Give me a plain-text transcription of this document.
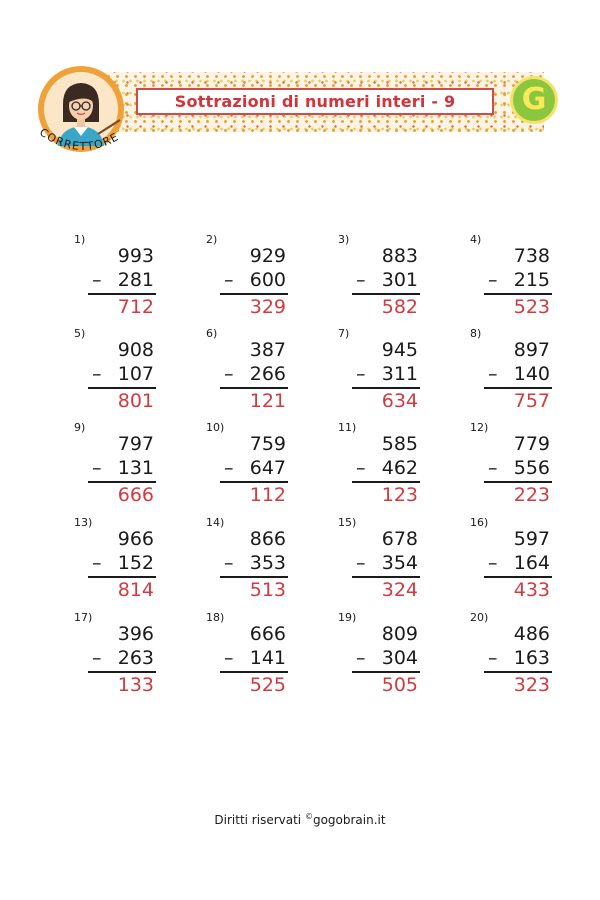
Sottrazioni di numeri interi - 9 G
CORRETTORE
1)
993
– 281
712
2)
929
– 600
329
3)
883
– 301
582
4)
738
– 215
523
5)
908
– 107
801
6)
387
– 266
121
7)
945
– 311
634
8)
897
– 140
757
9)
797
– 131
666
10)
759
– 647
112
11)
585
– 462
123
12)
779
– 556
223
13)
966
– 152
814
14)
866
– 353
513
15)
678
– 354
324
16)
597
– 164
433
17)
396
– 263
133
18)
666
– 141
525
19)
809
– 304
505
20)
486
– 163
323
Diritti riservati ©gogobrain.it
